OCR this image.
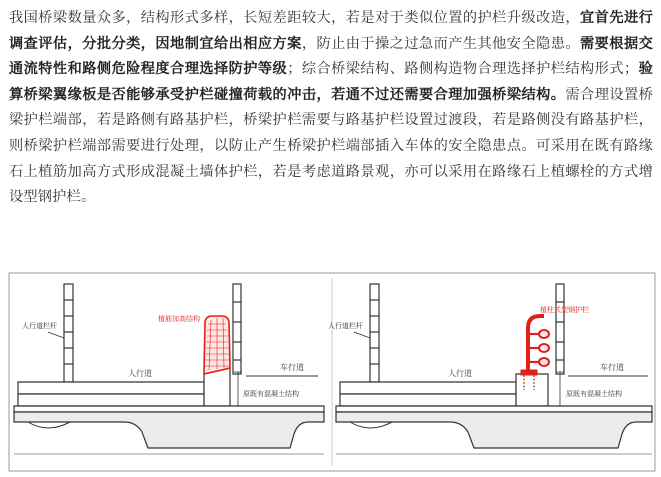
我国桥梁数量众多，结构形式多样，长短差距较大，若是对于类似位置的护栏升级改造，宜首先进行调查评估，分批分类，因地制宜给出相应方案，防止由于操之过急而产生其他安全隐患。需要根据交通流特性和路侧危险程度合理选择防护等级；综合桥梁结构、路侧构造物合理选择护栏结构形式；验算桥梁翼缘板是否能够承受护栏碰撞荷载的冲击，若通不过还需要合理加强桥梁结构。需合理设置桥梁护栏端部，若是路侧有路基护栏，桥梁护栏需要与路基护栏设置过渡段，若是路侧没有路基护栏，则桥梁护栏端部需要进行处理，以防止产生桥梁护栏端部插入车体的安全隐患点。可采用在既有路缘石上植筋加高方式形成混凝土墙体护栏，若是考虑道路景观，亦可以采用在路缘石上植螺栓的方式增设型钢护栏。
人行道栏杆
人行道
植筋加高结构
车行道
原既有混凝土结构
人行道栏杆
人行道
植柱式型钢护栏
车行道
原既有混凝土结构
